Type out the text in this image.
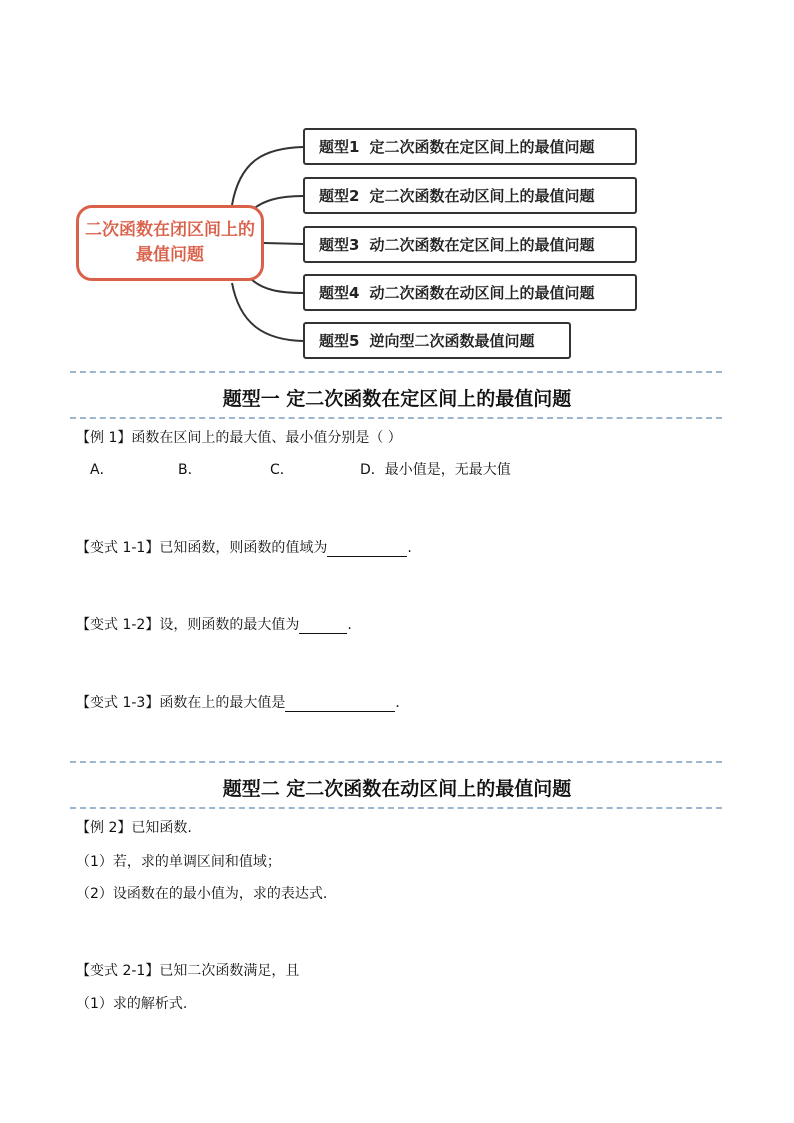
二次函数在闭区间上的最值问题
题型1 定二次函数在定区间上的最值问题
题型2 定二次函数在动区间上的最值问题
题型3 动二次函数在定区间上的最值问题
题型4 动二次函数在动区间上的最值问题
题型5 逆向型二次函数最值问题
题型一 定二次函数在定区间上的最值问题
【例 1】函数在区间上的最大值、最小值分别是（ ）
A．	B．	C．	D．最小值是，无最大值
【变式 1-1】已知函数，则函数的值域为	.
【变式 1-2】设，则函数的最大值为	.
【变式 1-3】函数在上的最大值是	．
题型二 定二次函数在动区间上的最值问题
【例 2】已知函数.
（1）若，求的单调区间和值域；
（2）设函数在的最小值为，求的表达式.
【变式 2-1】已知二次函数满足，且
（1）求的解析式.
